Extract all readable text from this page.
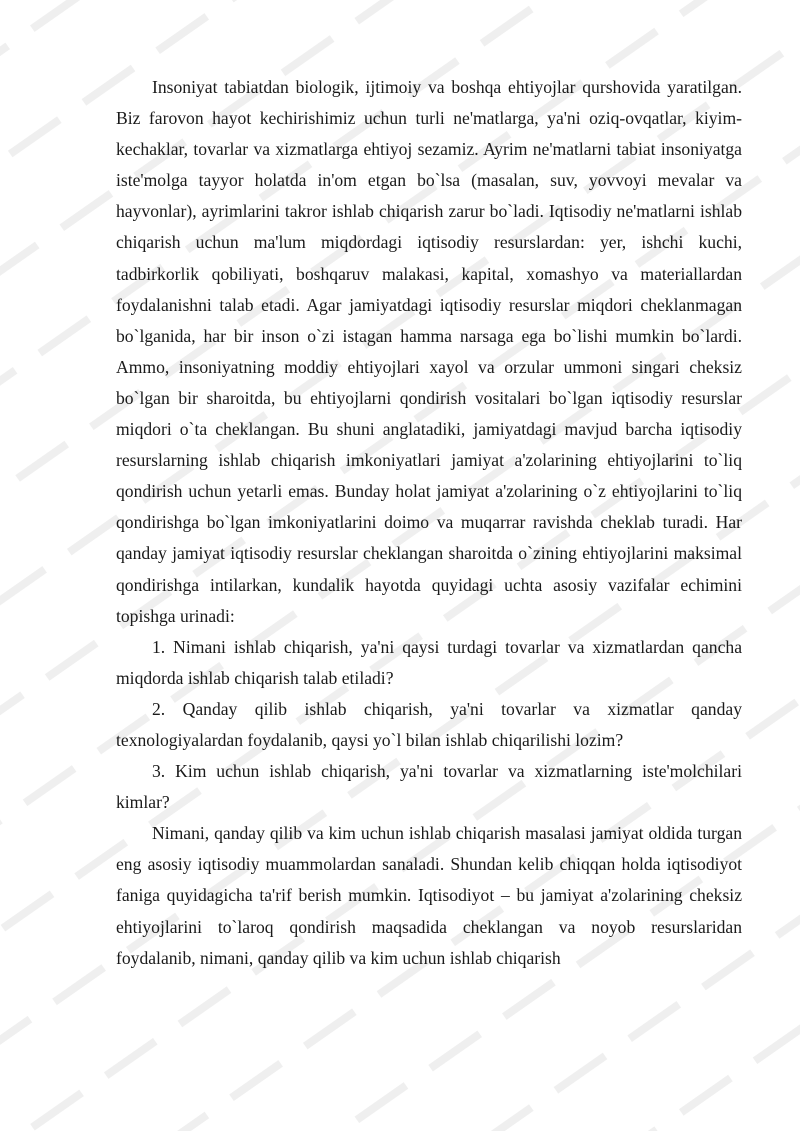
Insoniyat tabiatdan biologik, ijtimoiy va boshqa ehtiyojlar qurshovida yaratilgan. Biz farovon hayot kechirishimiz uchun turli ne'matlarga, ya'ni oziq-ovqatlar, kiyim-kechaklar, tovarlar va xizmatlarga ehtiyoj sezamiz. Ayrim ne'matlarni tabiat insoniyatga iste'molga tayyor holatda in'om etgan bo`lsa (masalan, suv, yovvoyi mevalar va hayvonlar), ayrimlarini takror ishlab chiqarish zarur bo`ladi. Iqtisodiy ne'matlarni ishlab chiqarish uchun ma'lum miqdordagi iqtisodiy resurslardan: yer, ishchi kuchi, tadbirkorlik qobiliyati, boshqaruv malakasi, kapital, xomashyo va materiallardan foydalanishni talab etadi. Agar jamiyatdagi iqtisodiy resurslar miqdori cheklanmagan bo`lganida, har bir inson o`zi istagan hamma narsaga ega bo`lishi mumkin bo`lardi. Ammo, insoniyatning moddiy ehtiyojlari xayol va orzular ummoni singari cheksiz bo`lgan bir sharoitda, bu ehtiyojlarni qondirish vositalari bo`lgan iqtisodiy resurslar miqdori o`ta cheklangan. Bu shuni anglatadiki, jamiyatdagi mavjud barcha iqtisodiy resurslarning ishlab chiqarish imkoniyatlari jamiyat a'zolarining ehtiyojlarini to`liq qondirish uchun yetarli emas. Bunday holat jamiyat a'zolarining o`z ehtiyojlarini to`liq qondirishga bo`lgan imkoniyatlarini doimo va muqarrar ravishda cheklab turadi. Har qanday jamiyat iqtisodiy resurslar cheklangan sharoitda o`zining ehtiyojlarini maksimal qondirishga intilarkan, kundalik hayotda quyidagi uchta asosiy vazifalar echimini topishga urinadi:

1. Nimani ishlab chiqarish, ya'ni qaysi turdagi tovarlar va xizmatlardan qancha miqdorda ishlab chiqarish talab etiladi?

2. Qanday qilib ishlab chiqarish, ya'ni tovarlar va xizmatlar qanday texnologiyalardan foydalanib, qaysi yo`l bilan ishlab chiqarilishi lozim?

3. Kim uchun ishlab chiqarish, ya'ni tovarlar va xizmatlarning iste'molchilari kimlar?

Nimani, qanday qilib va kim uchun ishlab chiqarish masalasi jamiyat oldida turgan eng asosiy iqtisodiy muammolardan sanaladi. Shundan kelib chiqqan holda iqtisodiyot faniga quyidagicha ta'rif berish mumkin. Iqtisodiyot – bu jamiyat a'zolarining cheksiz ehtiyojlarini to`laroq qondirish maqsadida cheklangan va noyob resurslaridan foydalanib, nimani, qanday qilib va kim uchun ishlab chiqarish
